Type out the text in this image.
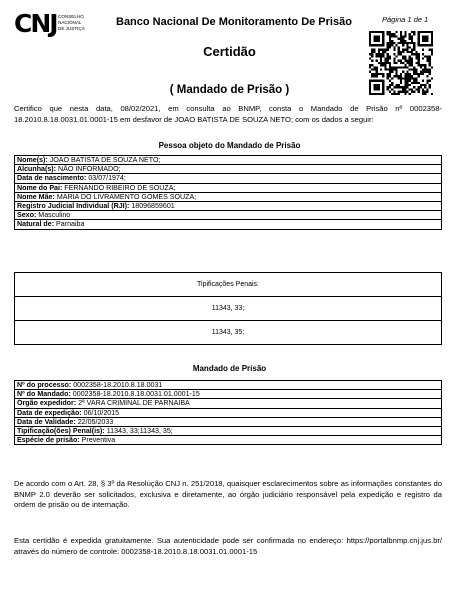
CNJ CONSELHO
NACIONAL
DE JUSTIÇA
Banco Nacional De Monitoramento De Prisão	Página 1 de 1
Certidão
( Mandado de Prisão )
Certifico que nesta data, 08/02/2021, em consulta ao BNMP, consta o Mandado de Prisão nº 0002358-18.2010.8.18.0031.01.0001-15 em desfavor de JOAO BATISTA DE SOUZA NETO; com os dados a seguir:
Pessoa objeto do Mandado de Prisão
Nome(s): JOAO BATISTA DE SOUZA NETO;
Alcunha(s): NÃO INFORMADO;
Data de nascimento: 03/07/1974;
Nome do Pai: FERNANDO RIBEIRO DE SOUZA;
Nome Mãe: MARIA DO LIVRAMENTO GOMES SOUZA;
Registro Judicial Individual (RJI): 18096859601
Sexo: Masculino
Natural de: Parnaiba
Tipificações Penais:
11343, 33;
11343, 35;
Mandado de Prisão
Nº do processo: 0002358-18.2010.8.18.0031
Nº do Mandado: 0002358-18.2010.8.18.0031.01.0001-15
Órgão expedidor: 2ª VARA CRIMINAL DE PARNAIBA
Data de expedição: 06/10/2015
Data de Validade: 22/05/2033
Tipificação(ões) Penal(is): 11343, 33;11343, 35;
Espécie de prisão: Preventiva
De acordo com o Art. 28, § 3º da Resolução CNJ n. 251/2018, quaisquer esclarecimentos sobre as informações constantes do BNMP 2.0 deverão ser solicitados, exclusiva e diretamente, ao órgão judiciário responsável pela expedição e registro da ordem de prisão ou de internação.
Esta certidão é expedida gratuitamente. Sua autenticidade pode ser confirmada no endereço: https://portalbnmp.cnj.jus.br/ através do número de controle: 0002358-18.2010.8.18.0031.01.0001-15
